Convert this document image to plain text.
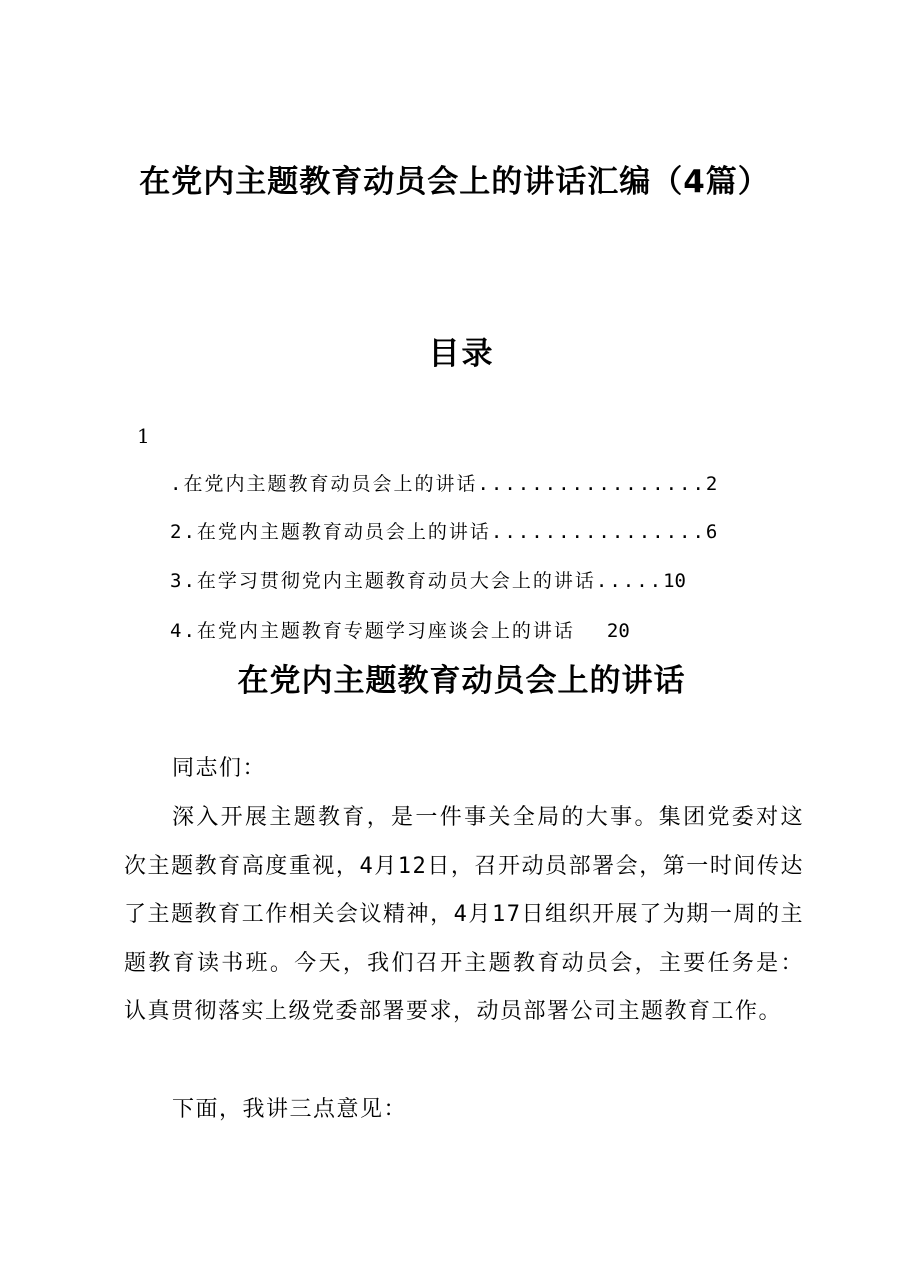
在党内主题教育动员会上的讲话汇编（4篇）
目录
1
.在党内主题教育动员会上的讲话.................2
2.在党内主题教育动员会上的讲话................6
3.在学习贯彻党内主题教育动员大会上的讲话.....10
4.在党内主题教育专题学习座谈会上的讲话 20
在党内主题教育动员会上的讲话
同志们：
深入开展主题教育，是一件事关全局的大事。集团党委对这次主题教育高度重视，4月12日，召开动员部署会，第一时间传达了主题教育工作相关会议精神，4月17日组织开展了为期一周的主题教育读书班。今天，我们召开主题教育动员会，主要任务是：认真贯彻落实上级党委部署要求，动员部署公司主题教育工作。
下面，我讲三点意见：
